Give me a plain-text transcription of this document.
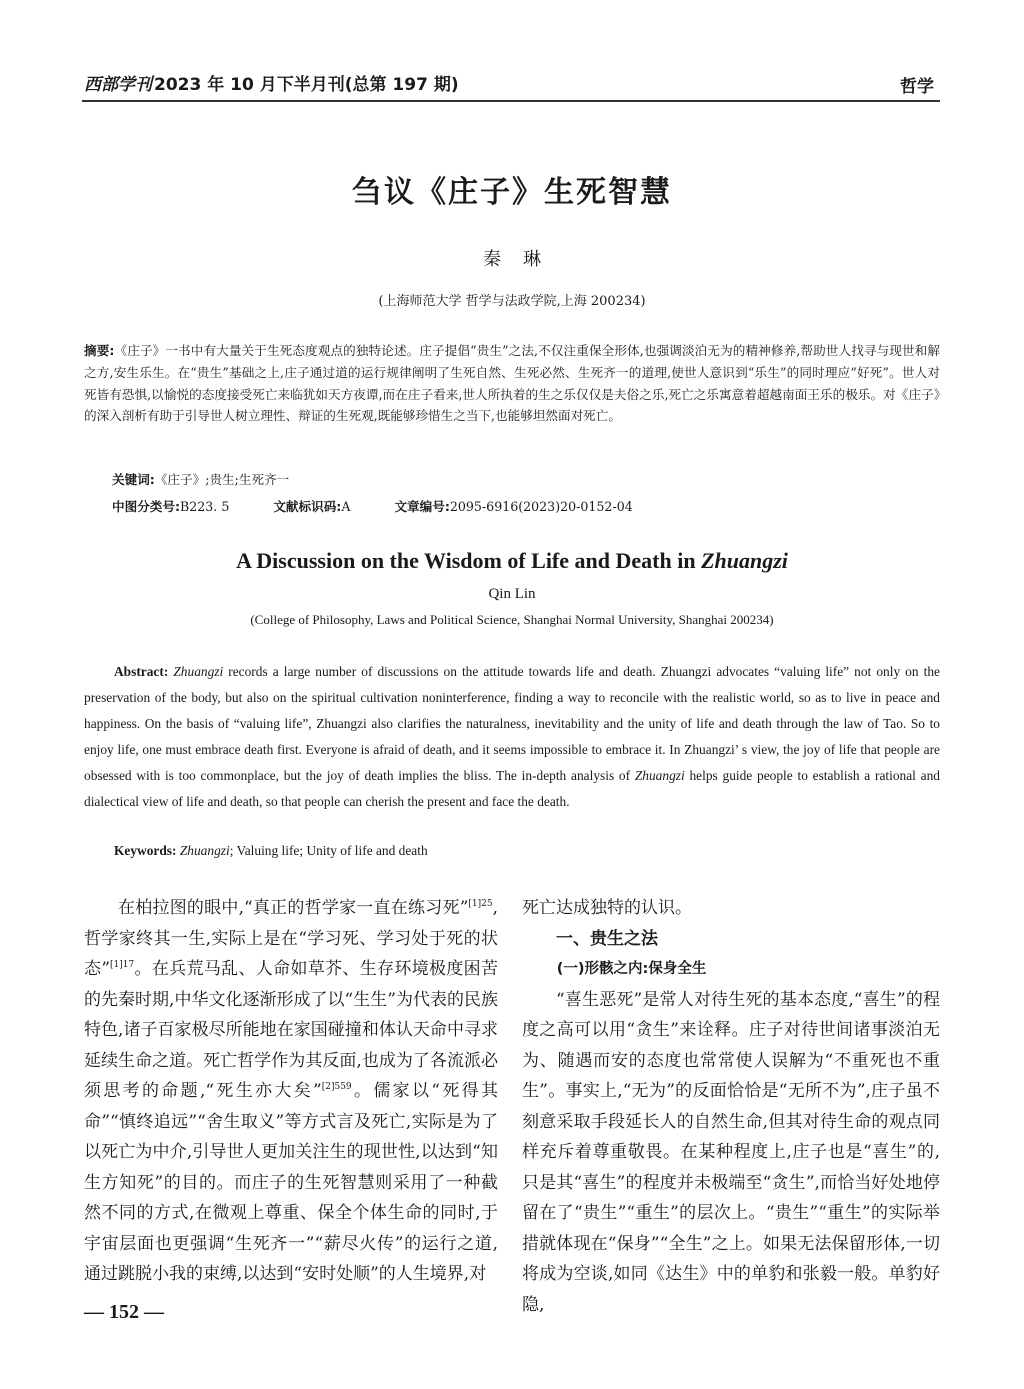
西部学刊 2023 年 10 月下半月刊(总第 197 期)	哲学
刍议《庄子》生死智慧
秦琳
(上海师范大学 哲学与法政学院,上海 200234)
摘要:《庄子》一书中有大量关于生死态度观点的独特论述。庄子提倡“贵生”之法,不仅注重保全形体,也强调淡泊无为的精神修养,帮助世人找寻与现世和解之方,安生乐生。在“贵生”基础之上,庄子通过道的运行规律阐明了生死自然、生死必然、生死齐一的道理,使世人意识到“乐生”的同时理应“好死”。世人对死皆有恐惧,以愉悦的态度接受死亡来临犹如天方夜谭,而在庄子看来,世人所执着的生之乐仅仅是夫俗之乐,死亡之乐寓意着超越南面王乐的极乐。对《庄子》的深入剖析有助于引导世人树立理性、辩证的生死观,既能够珍惜生之当下,也能够坦然面对死亡。
关键词:《庄子》;贵生;生死齐一
中图分类号:B223. 5	文献标识码:A	文章编号:2095-6916(2023)20-0152-04
A Discussion on the Wisdom of Life and Death in Zhuangzi
Qin Lin
(College of Philosophy, Laws and Political Science, Shanghai Normal University, Shanghai 200234)
Abstract: Zhuangzi records a large number of discussions on the attitude towards life and death. Zhuangzi advocates “valuing life” not only on the preservation of the body, but also on the spiritual cultivation noninterference, finding a way to reconcile with the realistic world, so as to live in peace and happiness. On the basis of “valuing life”, Zhuangzi also clarifies the naturalness, inevitability and the unity of life and death through the law of Tao. So to enjoy life, one must embrace death first. Everyone is afraid of death, and it seems impossible to embrace it. In Zhuangzi’ s view, the joy of life that people are obsessed with is too commonplace, but the joy of death implies the bliss. The in-depth analysis of Zhuangzi helps guide people to establish a rational and dialectical view of life and death, so that people can cherish the present and face the death.
Keywords: Zhuangzi; Valuing life; Unity of life and death
在柏拉图的眼中,“真正的哲学家一直在练习死”$^{[1]25}$,哲学家终其一生,实际上是在“学习死、学习处于死的状态”$^{[1]17}$。在兵荒马乱、人命如草芥、生存环境极度困苦的先秦时期,中华文化逐渐形成了以“生生”为代表的民族特色,诸子百家极尽所能地在家国碰撞和体认天命中寻求延续生命之道。死亡哲学作为其反面,也成为了各流派必须思考的命题,“死生亦大矣”$^{[2]559}$。儒家以“死得其命”“慎终追远”“舍生取义”等方式言及死亡,实际是为了以死亡为中介,引导世人更加关注生的现世性,以达到“知生方知死”的目的。而庄子的生死智慧则采用了一种截然不同的方式,在微观上尊重、保全个体生命的同时,于宇宙层面也更强调“生死齐一”“薪尽火传”的运行之道,通过跳脱小我的束缚,以达到“安时处顺”的人生境界,对
死亡达成独特的认识。
一、贵生之法
(一)形骸之内:保身全生
“喜生恶死”是常人对待生死的基本态度,“喜生”的程度之高可以用“贪生”来诠释。庄子对待世间诸事淡泊无为、随遇而安的态度也常常使人误解为“不重死也不重生”。事实上,“无为”的反面恰恰是“无所不为”,庄子虽不刻意采取手段延长人的自然生命,但其对待生命的观点同样充斥着尊重敬畏。在某种程度上,庄子也是“喜生”的,只是其“喜生”的程度并未极端至“贪生”,而恰当好处地停留在了“贵生”“重生”的层次上。“贵生”“重生”的实际举措就体现在“保身”“全生”之上。如果无法保留形体,一切将成为空谈,如同《达生》中的单豹和张毅一般。单豹好隐,
— 152 —
